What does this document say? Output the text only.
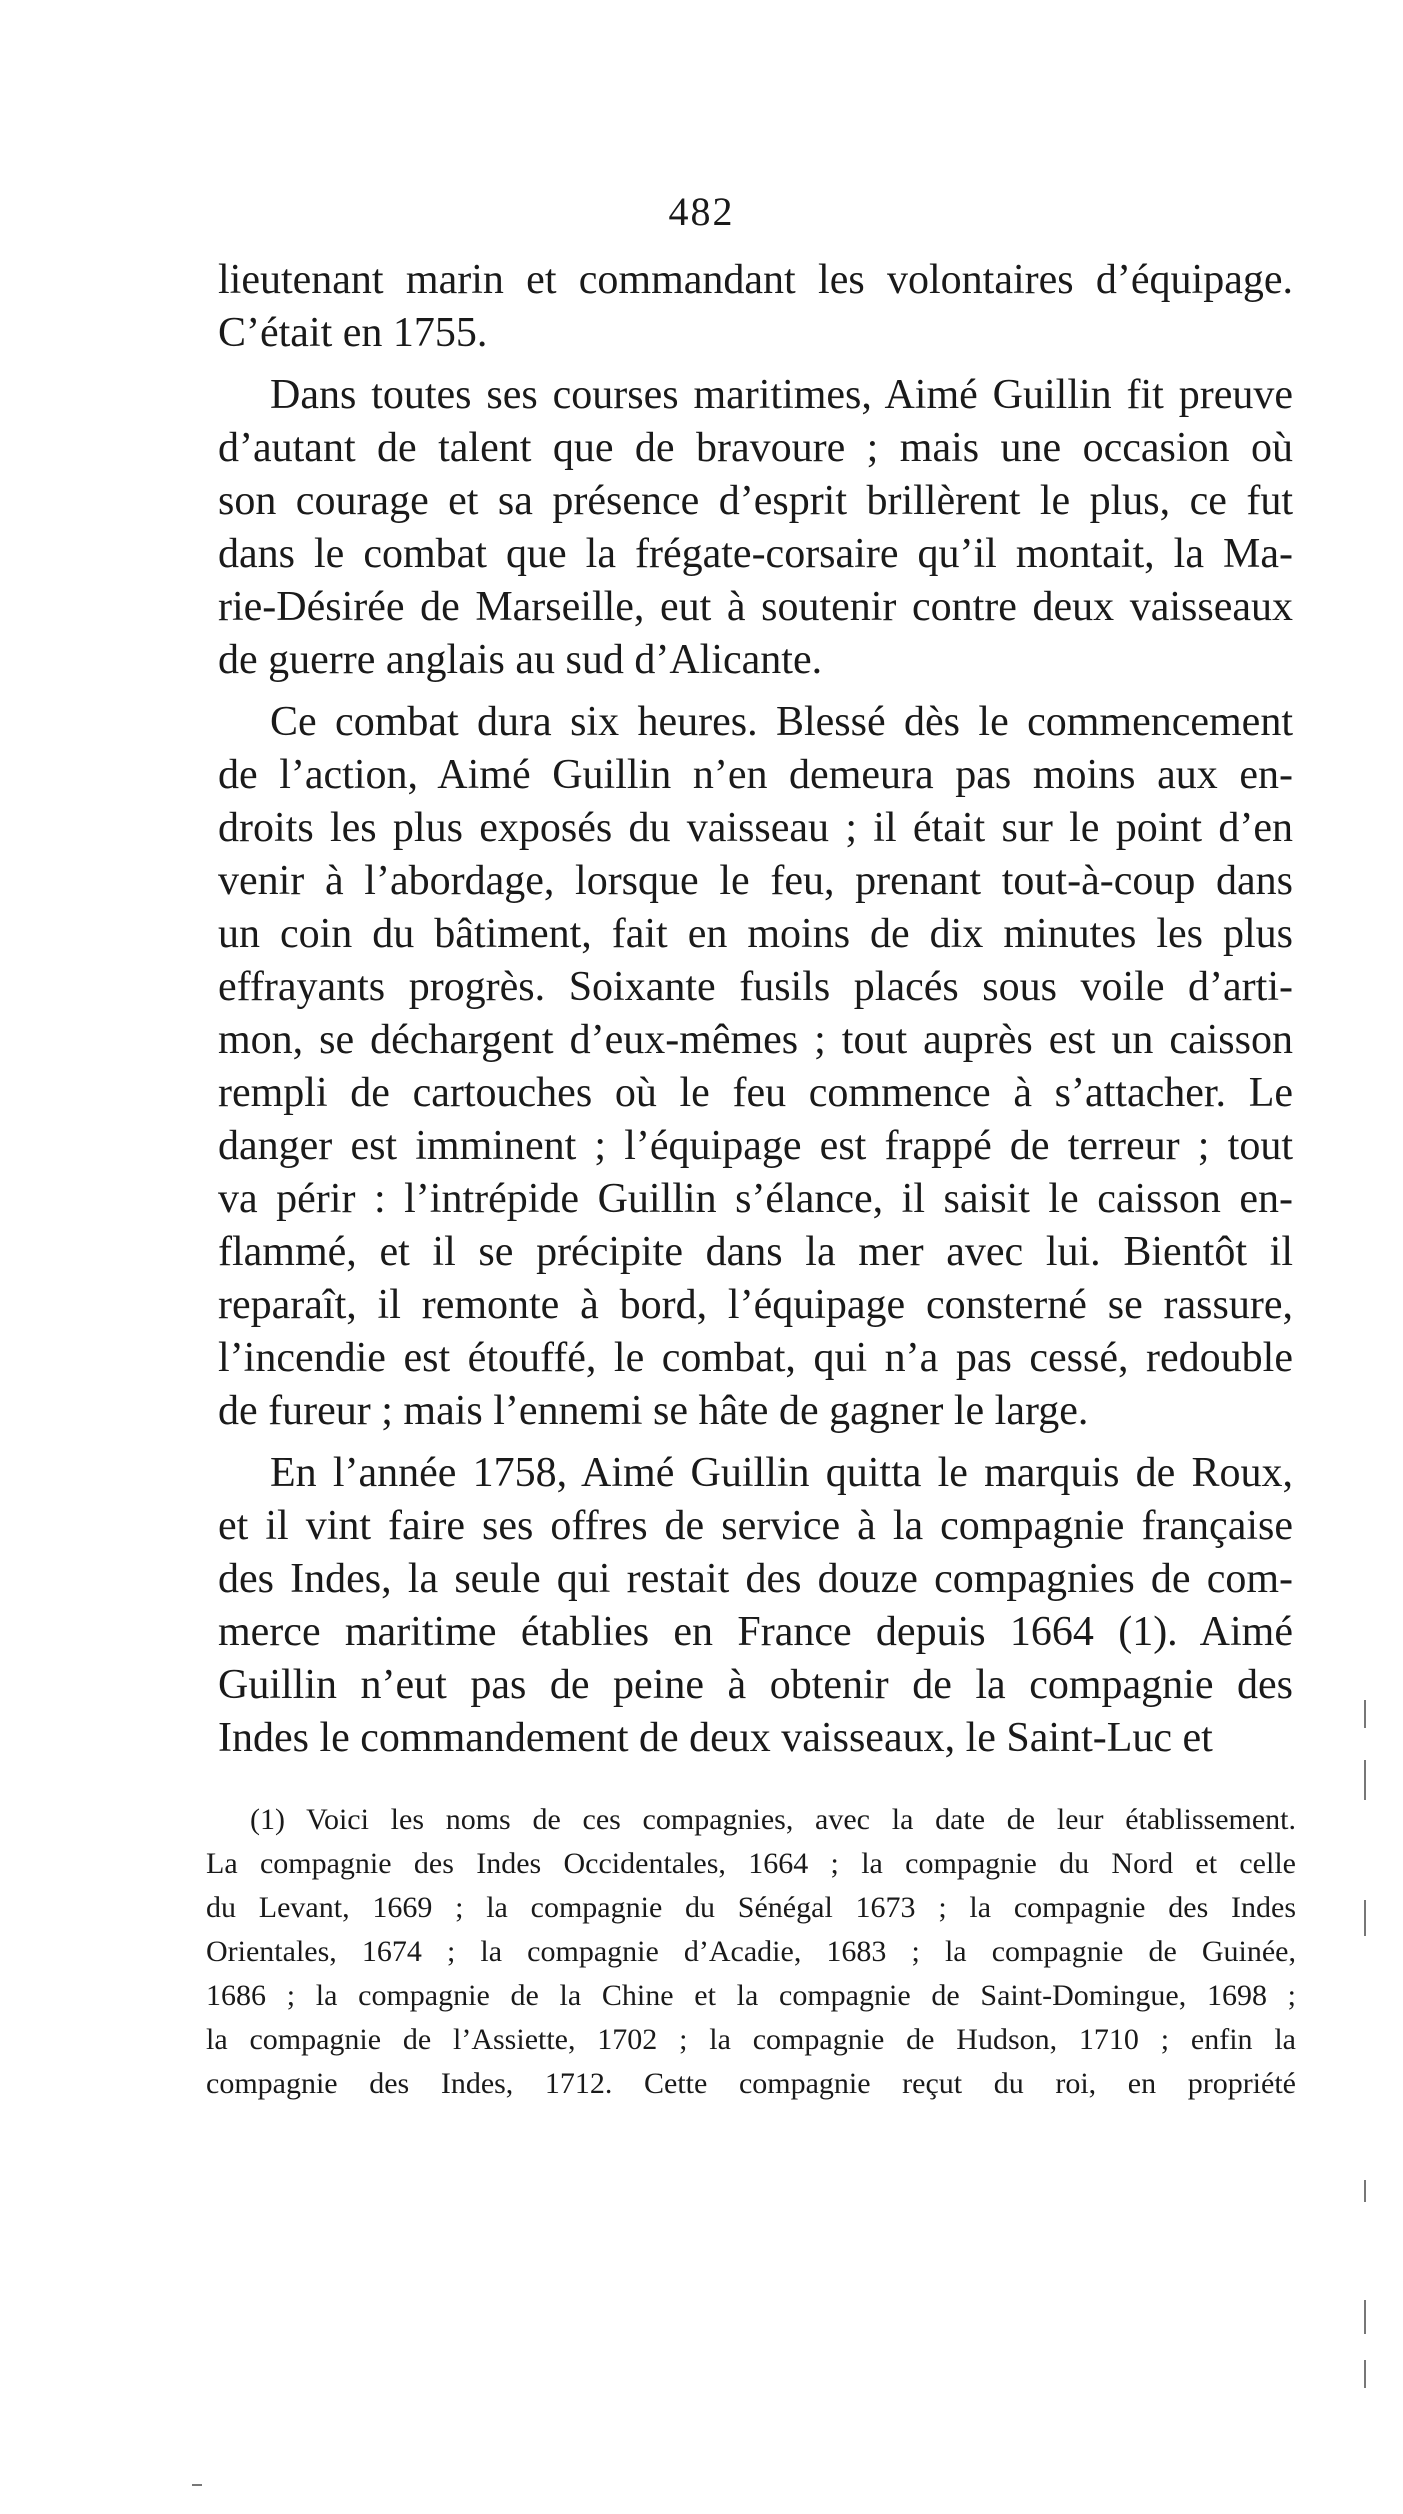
482
lieutenant marin et commandant les volontaires d’équipage.
C’était en 1755.
Dans toutes ses courses maritimes, Aimé Guillin fit preuve
d’autant de talent que de bravoure ; mais une occasion où
son courage et sa présence d’esprit brillèrent le plus, ce fut
dans le combat que la frégate-corsaire qu’il montait, la Ma-
rie-Désirée de Marseille, eut à soutenir contre deux vaisseaux
de guerre anglais au sud d’Alicante.
Ce combat dura six heures. Blessé dès le commencement
de l’action, Aimé Guillin n’en demeura pas moins aux en-
droits les plus exposés du vaisseau ; il était sur le point d’en
venir à l’abordage, lorsque le feu, prenant tout-à-coup dans
un coin du bâtiment, fait en moins de dix minutes les plus
effrayants progrès. Soixante fusils placés sous voile d’arti-
mon, se déchargent d’eux-mêmes ; tout auprès est un caisson
rempli de cartouches où le feu commence à s’attacher. Le
danger est imminent ; l’équipage est frappé de terreur ; tout
va périr : l’intrépide Guillin s’élance, il saisit le caisson en-
flammé, et il se précipite dans la mer avec lui. Bientôt il
reparaît, il remonte à bord, l’équipage consterné se rassure,
l’incendie est étouffé, le combat, qui n’a pas cessé, redouble
de fureur ; mais l’ennemi se hâte de gagner le large.
En l’année 1758, Aimé Guillin quitta le marquis de Roux,
et il vint faire ses offres de service à la compagnie française
des Indes, la seule qui restait des douze compagnies de com-
merce maritime établies en France depuis 1664 (1). Aimé
Guillin n’eut pas de peine à obtenir de la compagnie des
Indes le commandement de deux vaisseaux, le Saint-Luc et
(1) Voici les noms de ces compagnies, avec la date de leur établissement.
La compagnie des Indes Occidentales, 1664 ; la compagnie du Nord et celle
du Levant, 1669 ; la compagnie du Sénégal 1673 ; la compagnie des Indes
Orientales, 1674 ; la compagnie d’Acadie, 1683 ; la compagnie de Guinée,
1686 ; la compagnie de la Chine et la compagnie de Saint-Domingue, 1698 ;
la compagnie de l’Assiette, 1702 ; la compagnie de Hudson, 1710 ; enfin la
compagnie des Indes, 1712. Cette compagnie reçut du roi, en propriété
